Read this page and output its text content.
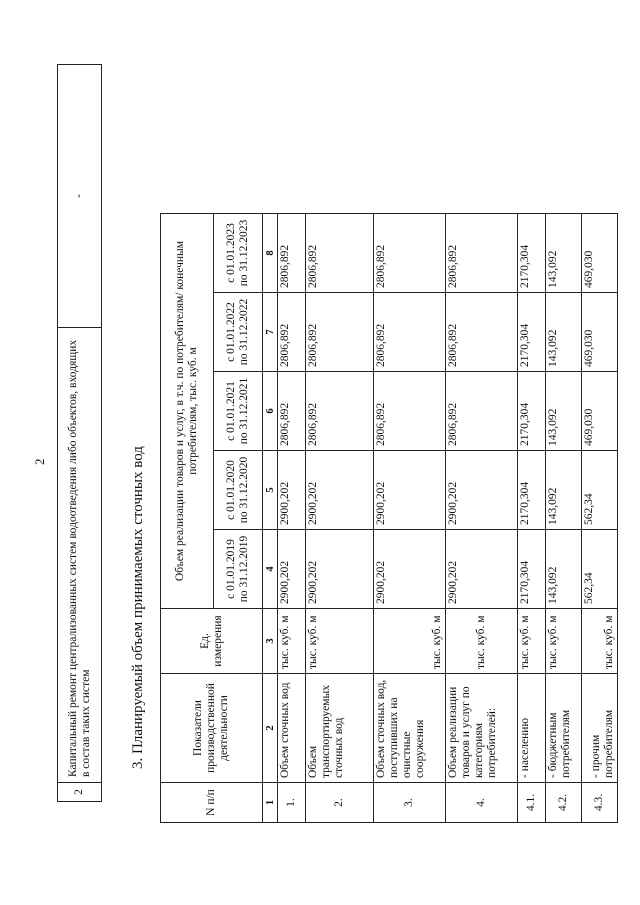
2
2	Капитальный ремонт централизованных систем водоотведения либо объектов, входящих в состав таких систем	-
3. Планируемый объем принимаемых сточных вод
N п/п	Показатели производственной деятельности	Ед. измерения	Объем реализации товаров и услуг, в т.ч. по потребителям/ конечным потребителям, тыс. куб. м				
			с 01.01.2019 по 31.12.2019	с 01.01.2020 по 31.12.2020	с 01.01.2021 по 31.12.2021	с 01.01.2022 по 31.12.2022	с 01.01.2023 по 31.12.2023
1	2	3	4	5	6	7	8
1.	Объем сточных вод	тыс. куб. м	2900,202	2900,202	2806,892	2806,892	2806,892
2.	Объем транспортируемых сточных вод	тыс. куб. м	2900,202	2900,202	2806,892	2806,892	2806,892
3.	Объем сточных вод, поступивших на очистные сооружения	тыс. куб. м	2900,202	2900,202	2806,892	2806,892	2806,892
4.	Объем реализации товаров и услуг по категориям потребителей:	тыс. куб. м	2900,202	2900,202	2806,892	2806,892	2806,892
4.1.	- населению	тыс. куб. м	2170,304	2170,304	2170,304	2170,304	2170,304
4.2.	- бюджетным потребителям	тыс. куб. м	143,092	143,092	143,092	143,092	143,092
4.3.	- прочим потребителям	тыс. куб. м	562,34	562,34	469,030	469,030	469,030
